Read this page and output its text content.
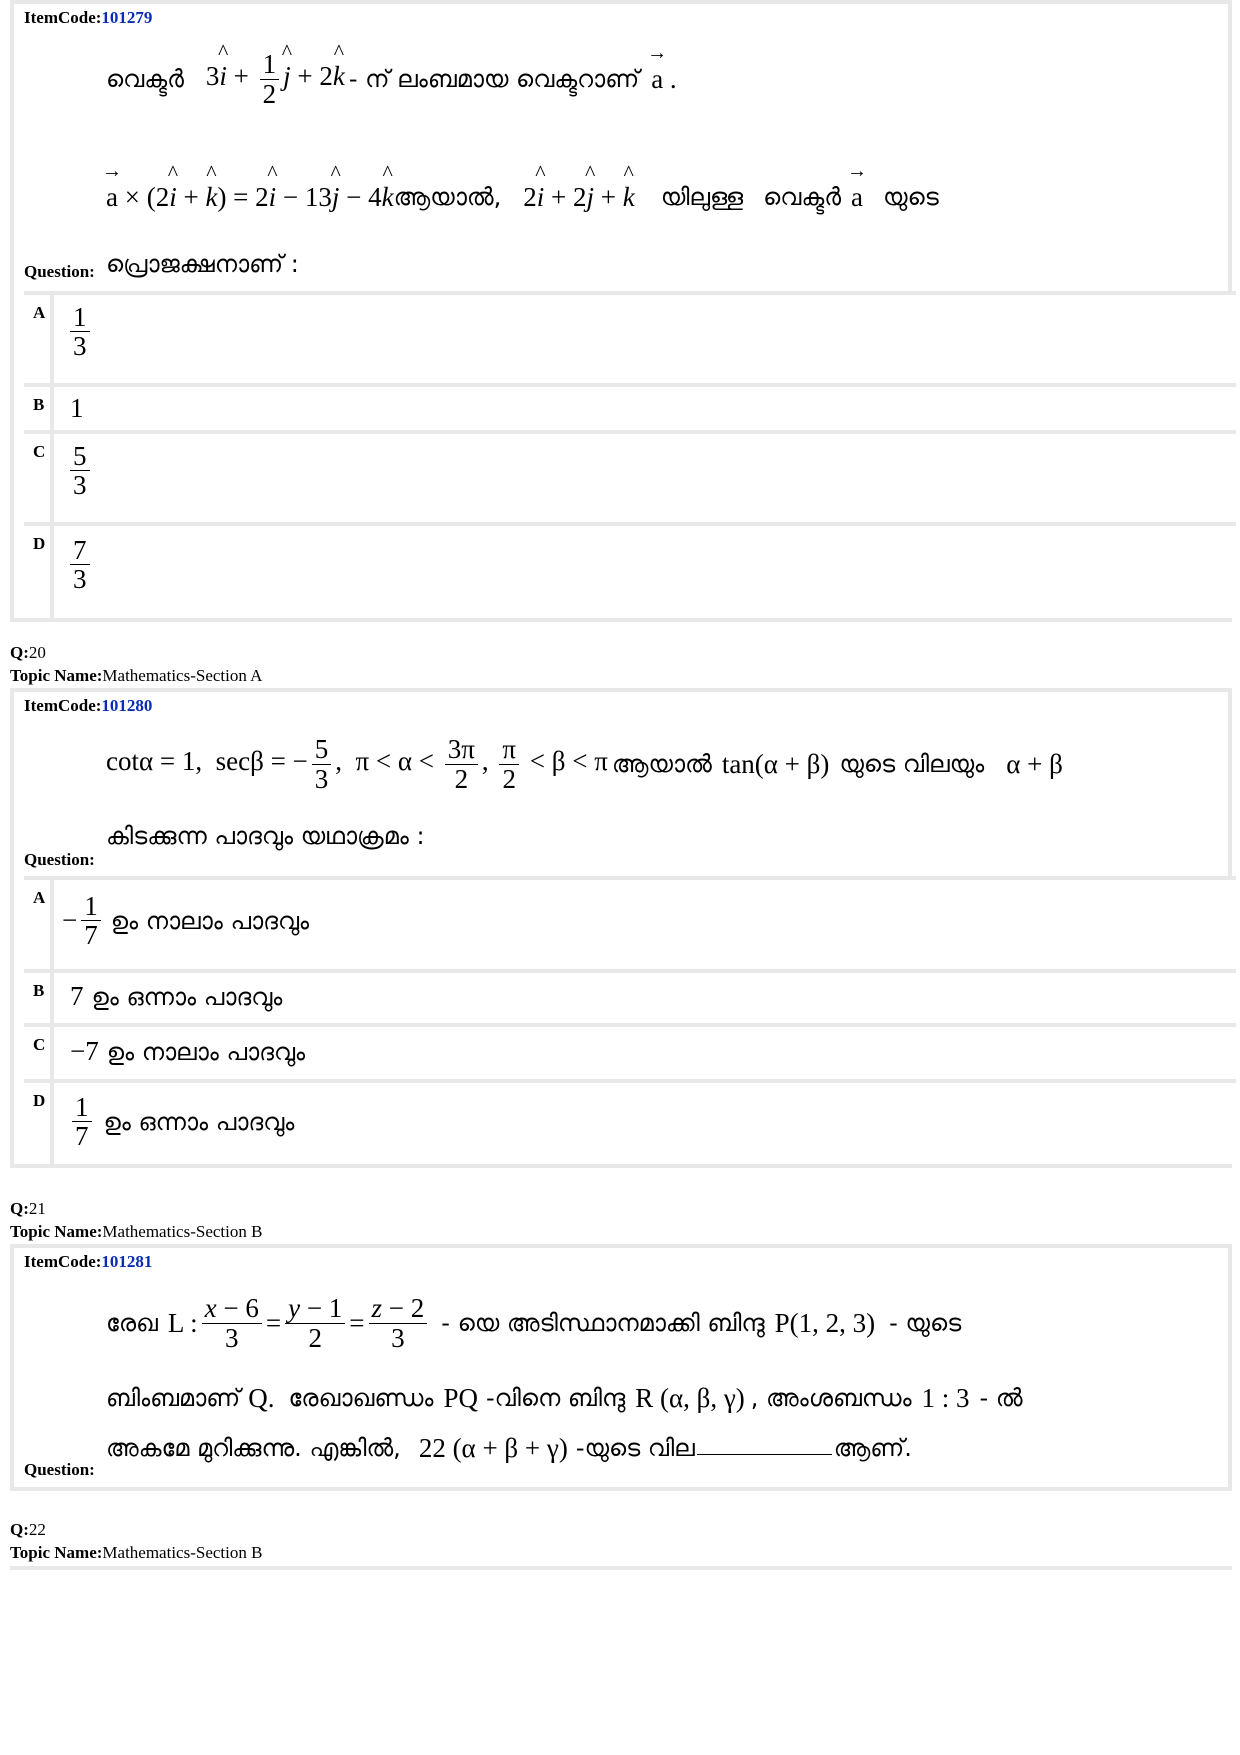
ItemCode:101279
വെക്ടർ 3^ $i + \frac{1}{2}$ ^ j + 2^ k - ന് ലംബമായ വെക്ടറാണ് → a .
→ a × (2^ i + ^ k) = 2^ i − 13^ j − 4^ k ആയാൽ, 2^ i + 2^ j + ^ k യിലുള്ള വെക്ടർ → a യുടെ
പ്രൊജക്ഷനാണ് :
Question:
A $\frac{1}{3}$
B 1
C $\frac{5}{3}$
D $\frac{7}{3}$
Q:20
Topic Name:Mathematics-Section A
ItemCode:101280
cotα = 1,  secβ = − $\frac{5}{3}$ ,  $\pi < \alpha < \frac{3\pi}{2}$ , $\frac{\pi}{2} < \beta < \pi$ ആയാൽ tan(α + β) യുടെ വിലയും α + β
കിടക്കുന്ന പാദവും യഥാക്രമം :
Question:
A
− $\frac{1}{7}$ ഉം നാലാം പാദവും
B 7 ഉം ഒന്നാം പാദവും
C −7 ഉം നാലാം പാദവും
D $\frac{1}{7}$ ഉം ഒന്നാം പാദവും
Q:21
Topic Name:Mathematics-Section B
ItemCode:101281
രേഖ L : $\frac{x - 6}{3} = \frac{y - 1}{2} = \frac{z - 2}{3}$ - യെ അടിസ്ഥാനമാക്കി ബിന്ദു P(1, 2, 3) - യുടെ
ബിംബമാണ് Q. രേഖാഖണ്ഡം PQ -വിനെ ബിന്ദു R (α, β, γ) , അംശബന്ധം 1 : 3 - ൽ
അകമേ മുറിക്കുന്നു. എങ്കിൽ, 22 (α + β + γ) -യുടെ വില	ആണ്.
Question:
Q:22
Topic Name:Mathematics-Section B
